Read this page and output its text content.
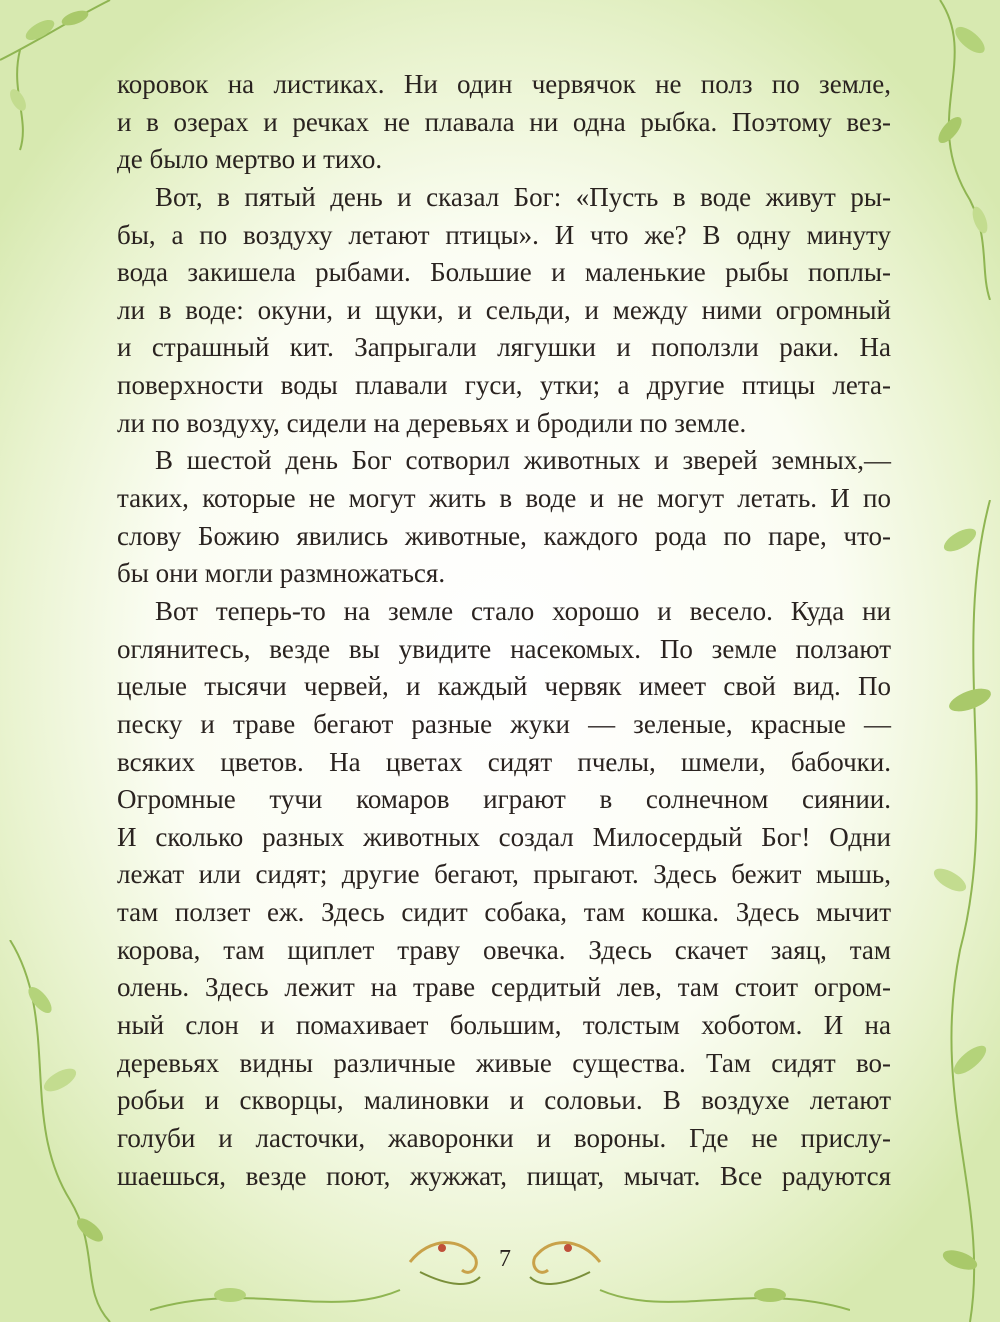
коровок на листиках. Ни один червячок не полз по земле,
и в озерах и речках не плавала ни одна рыбка. Поэтому вез-
де было мертво и тихо.
Вот, в пятый день и сказал Бог: «Пусть в воде живут ры-
бы, а по воздуху летают птицы». И что же? В одну минуту
вода закишела рыбами. Большие и маленькие рыбы поплы-
ли в воде: окуни, и щуки, и сельди, и между ними огромный
и страшный кит. Запрыгали лягушки и поползли раки. На
поверхности воды плавали гуси, утки; а другие птицы лета-
ли по воздуху, сидели на деревьях и бродили по земле.
В шестой день Бог сотворил животных и зверей земных,—
таких, которые не могут жить в воде и не могут летать. И по
слову Божию явились животные, каждого рода по паре, что-
бы они могли размножаться.
Вот теперь-то на земле стало хорошо и весело. Куда ни
оглянитесь, везде вы увидите насекомых. По земле ползают
целые тысячи червей, и каждый червяк имеет свой вид. По
песку и траве бегают разные жуки — зеленые, красные —
всяких цветов. На цветах сидят пчелы, шмели, бабочки.
Огромные тучи комаров играют в солнечном сиянии.
И сколько разных животных создал Милосердый Бог! Одни
лежат или сидят; другие бегают, прыгают. Здесь бежит мышь,
там ползет еж. Здесь сидит собака, там кошка. Здесь мычит
корова, там щиплет траву овечка. Здесь скачет заяц, там
олень. Здесь лежит на траве сердитый лев, там стоит огром-
ный слон и помахивает большим, толстым хоботом. И на
деревьях видны различные живые существа. Там сидят во-
робьи и скворцы, малиновки и соловьи. В воздухе летают
голуби и ласточки, жаворонки и вороны. Где не прислу-
шаешься, везде поют, жужжат, пищат, мычат. Все радуются
7
